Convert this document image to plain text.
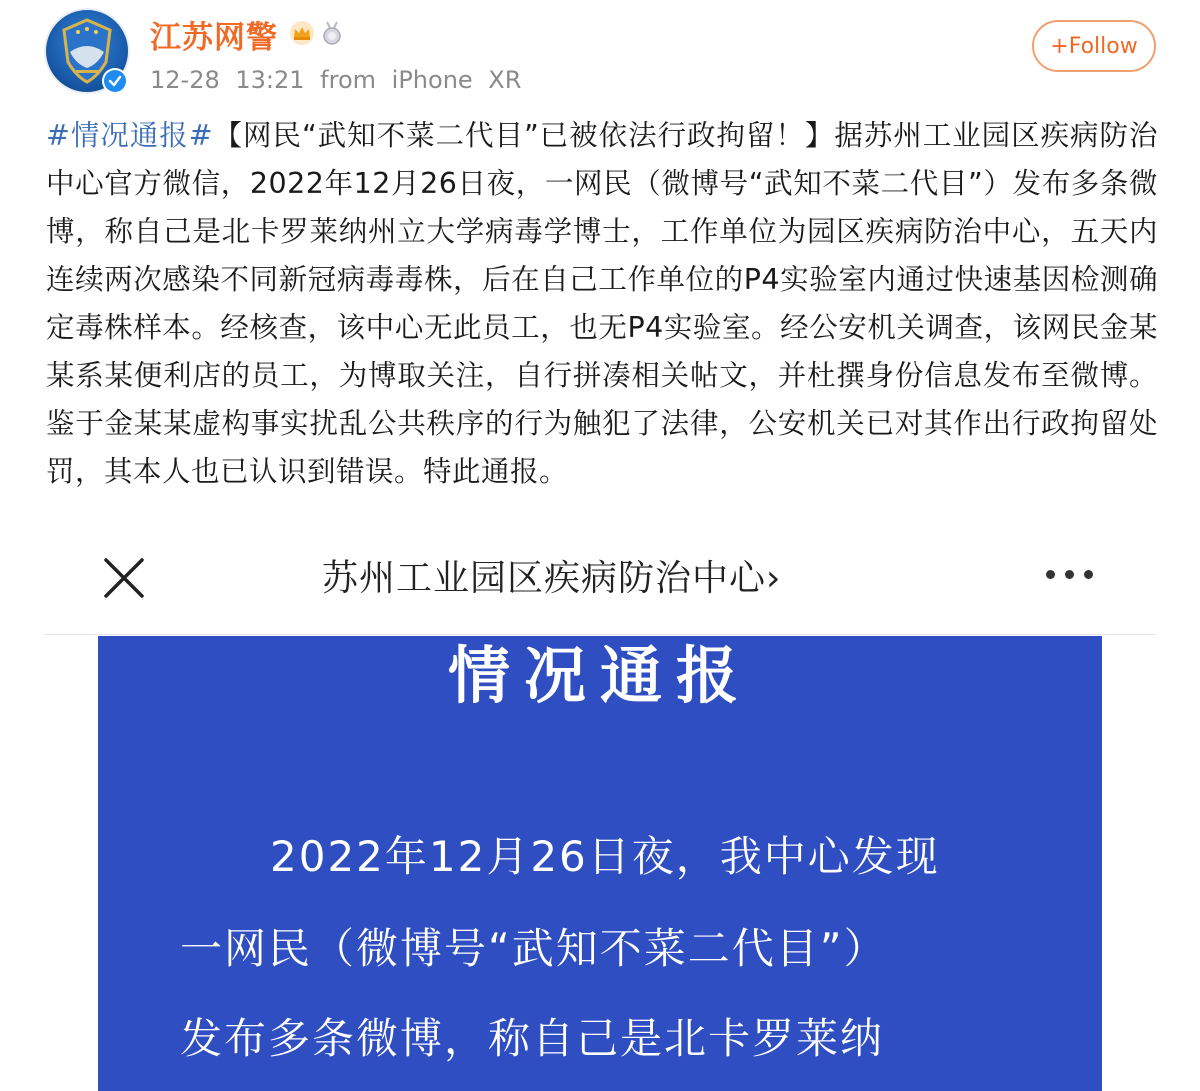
江苏网警
12-28 13:21 from iPhone XR
+Follow
#情况通报#【网民“武知不菜二代目”已被依法行政拘留！】据苏州工业园区疾病防治中心官方微信，2022年12月26日夜，一网民（微博号“武知不菜二代目”）发布多条微博，称自己是北卡罗莱纳州立大学病毒学博士，工作单位为园区疾病防治中心，五天内连续两次感染不同新冠病毒毒株，后在自己工作单位的P4实验室内通过快速基因检测确定毒株样本。经核查，该中心无此员工，也无P4实验室。经公安机关调查，该网民金某某系某便利店的员工，为博取关注，自行拼凑相关帖文，并杜撰身份信息发布至微博。鉴于金某某虚构事实扰乱公共秩序的行为触犯了法律，公安机关已对其作出行政拘留处罚，其本人也已认识到错误。特此通报。
苏州工业园区疾病防治中心›
情况通报
2022年12月26日夜，我中心发现
一网民（微博号“武知不菜二代目”）
发布多条微博，称自己是北卡罗莱纳
